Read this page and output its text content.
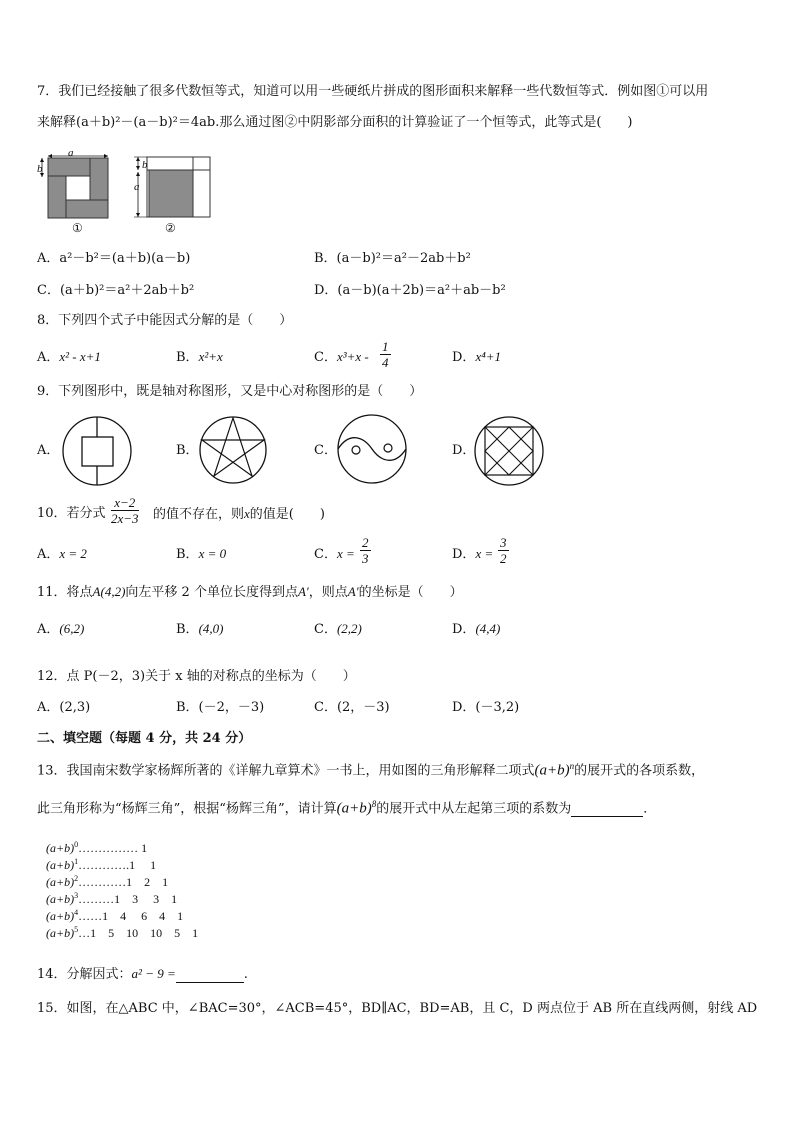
7．我们已经接触了很多代数恒等式，知道可以用一些硬纸片拼成的图形面积来解释一些代数恒等式．例如图①可以用
来解释(a＋b)²－(a－b)²＝4ab.那么通过图②中阴影部分面积的计算验证了一个恒等式，此等式是(　　)
a
b
①
b
a
②
A．a²－b²＝(a＋b)(a－b)	B．(a－b)²＝a²－2ab＋b²
C．(a＋b)²＝a²＋2ab＋b²	D．(a－b)(a＋2b)＝a²＋ab－b²
8．下列四个式子中能因式分解的是（　　）
A．x² - x+1	B．x²+x	C．$x^3+x - \frac{1}{4}$	D．x⁴+1
9．下列图形中，既是轴对称图形，又是中心对称图形的是（　　）
A．	B．	C．	D．
10．若分式 $\frac{x-2}{2x-3}$ 的值不存在，则x的值是(　　)
A．x = 2	B．x = 0	C．$x = \frac{2}{3}$	D．$x = \frac{3}{2}$
11．将点A(4,2)向左平移 2 个单位长度得到点A′，则点A′的坐标是（　　）
A．(6,2)	B．(4,0)	C．(2,2)	D．(4,4)
12．点 P(－2，3)关于 x 轴的对称点的坐标为（　　）
A．(2,3)	B．(－2，－3)	C．(2，－3)	D．(－3,2)
二、填空题（每题 4 分，共 24 分）
13．我国南宋数学家杨辉所著的《详解九章算术》一书上，用如图的三角形解释二项式$(a+b)^n$的展开式的各项系数，
此三角形称为“杨辉三角”，根据“杨辉三角”，请计算$(a+b)^8$的展开式中从左起第三项的系数为	．
$(a+b)^0\dots\dots\dots\dots\dots$ 1
$(a+b)^1\dots\dots\dots\dots.1$　 1
$(a+b)^2\dots\dots\dots\dots 1$　2　1
$(a+b)^3\dots\dots\dots 1$　3　 3　1
$(a+b)^4\dots\dots 1$　4　 6　4　1
$(a+b)^5\dots 1$　5　10　10　5　1
14．分解因式：a² − 9 =	.
15．如图，在△ABC 中，∠BAC=30°，∠ACB=45°，BD∥AC，BD=AB，且 C，D 两点位于 AB 所在直线两侧，射线 AD
